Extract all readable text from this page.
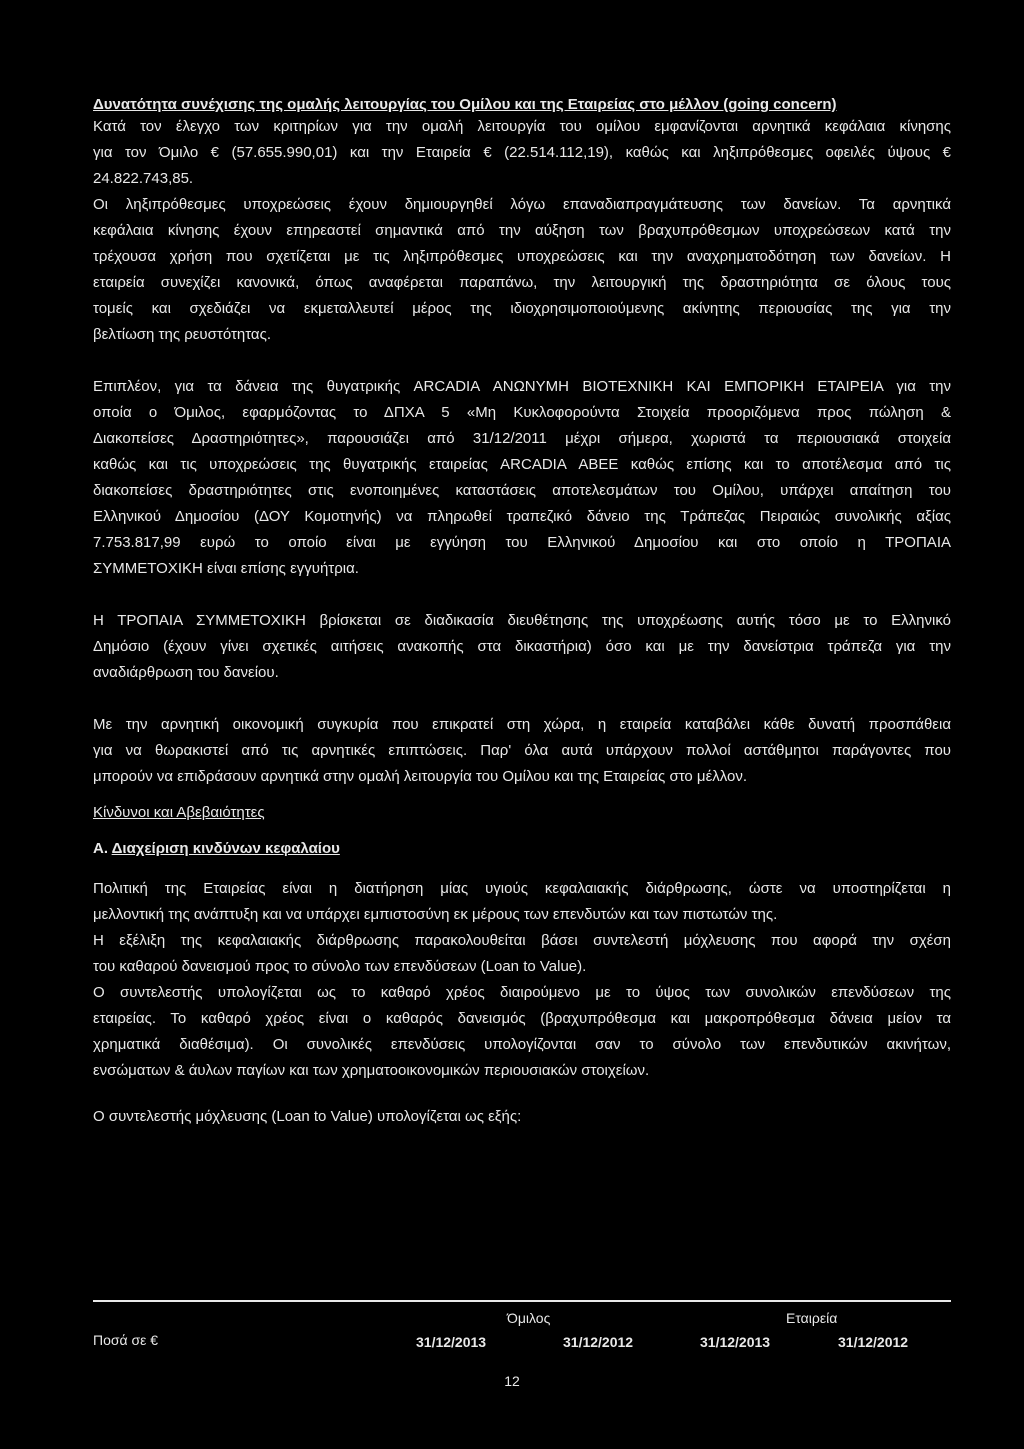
Δυνατότητα συνέχισης της ομαλής λειτουργίας του Ομίλου και της Εταιρείας στο μέλλον (going concern)

Κατά τον έλεγχο των κριτηρίων για την ομαλή λειτουργία του ομίλου εμφανίζονται αρνητικά κεφάλαια κίνησης

για τον Όμιλο € (57.655.990,01) και την Εταιρεία € (22.514.112,19), καθώς και ληξιπρόθεσμες οφειλές ύψους €

24.822.743,85.

Οι ληξιπρόθεσμες υποχρεώσεις έχουν δημιουργηθεί λόγω επαναδιαπραγμάτευσης των δανείων. Τα αρνητικά

κεφάλαια κίνησης έχουν επηρεαστεί σημαντικά από την αύξηση των βραχυπρόθεσμων υποχρεώσεων κατά την

τρέχουσα χρήση που σχετίζεται με τις ληξιπρόθεσμες υποχρεώσεις και την αναχρηματοδότηση των δανείων. Η

εταιρεία συνεχίζει κανονικά, όπως αναφέρεται παραπάνω, την λειτουργική της δραστηριότητα σε όλους τους

τομείς και σχεδιάζει να εκμεταλλευτεί μέρος της ιδιοχρησιμοποιούμενης ακίνητης περιουσίας της για την

βελτίωση της ρευστότητας.

Επιπλέον, για τα δάνεια της θυγατρικής ARCADIA ΑΝΩΝΥΜΗ ΒΙΟΤΕΧΝΙΚΗ ΚΑΙ ΕΜΠΟΡΙΚΗ ΕΤΑΙΡΕΙΑ για την

οποία ο Όμιλος, εφαρμόζοντας το ΔΠΧΑ 5 «Μη Κυκλοφορούντα Στοιχεία προοριζόμενα προς πώληση &

Διακοπείσες Δραστηριότητες», παρουσιάζει από 31/12/2011 μέχρι σήμερα, χωριστά τα περιουσιακά στοιχεία

καθώς και τις υποχρεώσεις της θυγατρικής εταιρείας ARCADIA ΑΒΕΕ καθώς επίσης και το αποτέλεσμα από τις

διακοπείσες δραστηριότητες στις ενοποιημένες καταστάσεις αποτελεσμάτων του Ομίλου, υπάρχει απαίτηση του

Ελληνικού Δημοσίου (ΔΟΥ Κομοτηνής) να πληρωθεί τραπεζικό δάνειο της Τράπεζας Πειραιώς συνολικής αξίας

7.753.817,99 ευρώ το οποίο είναι με εγγύηση του Ελληνικού Δημοσίου και στο οποίο η ΤΡΟΠΑΙΑ

ΣΥΜΜΕΤΟΧΙΚΗ είναι επίσης εγγυήτρια.

Η ΤΡΟΠΑΙΑ ΣΥΜΜΕΤΟΧΙΚΗ βρίσκεται σε διαδικασία διευθέτησης της υποχρέωσης αυτής τόσο με το Ελληνικό

Δημόσιο (έχουν γίνει σχετικές αιτήσεις ανακοπής στα δικαστήρια) όσο και με την δανείστρια τράπεζα για την

αναδιάρθρωση του δανείου.

Με την αρνητική οικονομική συγκυρία που επικρατεί στη χώρα, η εταιρεία καταβάλει κάθε δυνατή προσπάθεια

για να θωρακιστεί από τις αρνητικές επιπτώσεις. Παρ' όλα αυτά υπάρχουν πολλοί αστάθμητοι παράγοντες που

μπορούν να επιδράσουν αρνητικά στην ομαλή λειτουργία του Ομίλου και της Εταιρείας στο μέλλον.

Κίνδυνοι και Αβεβαιότητες

Α. Διαχείριση κινδύνων κεφαλαίου

Πολιτική της Εταιρείας είναι η διατήρηση μίας υγιούς κεφαλαιακής διάρθρωσης, ώστε να υποστηρίζεται η

μελλοντική της ανάπτυξη και να υπάρχει εμπιστοσύνη εκ μέρους των επενδυτών και των πιστωτών της.

Η εξέλιξη της κεφαλαιακής διάρθρωσης παρακολουθείται βάσει συντελεστή μόχλευσης που αφορά την σχέση

του καθαρού δανεισμού προς το σύνολο των επενδύσεων (Loan to Value).

Ο συντελεστής υπολογίζεται ως το καθαρό χρέος διαιρούμενο με το ύψος των συνολικών επενδύσεων της

εταιρείας. Το καθαρό χρέος είναι ο καθαρός δανεισμός (βραχυπρόθεσμα και μακροπρόθεσμα δάνεια μείον τα

χρηματικά διαθέσιμα). Οι συνολικές επενδύσεις υπολογίζονται σαν το σύνολο των επενδυτικών ακινήτων,

ενσώματων & άυλων παγίων και των χρηματοοικονομικών περιουσιακών στοιχείων.

Ο συντελεστής μόχλευσης (Loan to Value) υπολογίζεται ως εξής:

Όμιλος	Εταιρεία
Ποσά σε €	31/12/2013	31/12/2012	31/12/2013	31/12/2012
12
